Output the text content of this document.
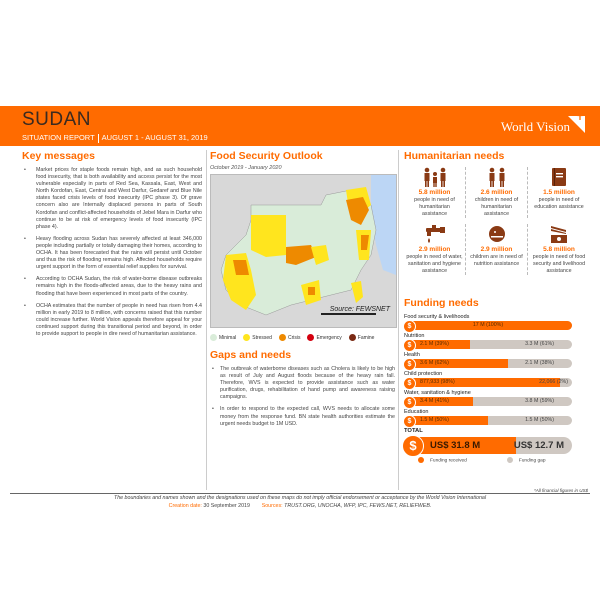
SUDAN
SITUATION REPORT AUGUST 1 - AUGUST 31, 2019
World Vision
Key messages
• Market prices for staple foods remain high, and as such household food insecurity, that is both availability and access persist for the most vulnerable especially in parts of Red Sea, Kassala, East, West and North Kordofan, East, Central and West Darfur, Gedaref and Blue Nile states faced crisis levels of food insecurity (IPC phase 3). Of grave concern also are Internally displaced persons in parts of South Kordofan and conflict-affected households of Jebel Mara in Darfur who continue to be at risk of emergency levels of food insecurity (IPC phase 4).
• Heavy flooding across Sudan has severely affected at least 346,000 people including partially or totally damaging their homes, according to OCHA. It has been forecasted that the rains will persist until October and thus the risk of flooding remains high. Affected households require urgent support in the form of essential relief supplies for survival.
• According to OCHA Sudan, the risk of water-borne disease outbreaks remains high in the floods-affected areas, due to the heavy rains and flooding that have been experienced in most parts of the country.
• OCHA estimates that the number of people in need has risen from 4.4 million in early 2019 to 8 million, with concerns raised that this number could increase further. World Vision appeals therefore appeal for your continued support during this transitional period and beyond, in order to provide support to people in dire need of humanitarian assistance.
Food Security Outlook
October 2019 - January 2020
Source: FEWSNET
Minimal	Stressed	Crisis	Emergency	Famine
Gaps and needs
• The outbreak of waterborne diseases such as Cholera is likely to be high as result of July and August floods because of the heavy rain fall. Therefore, WVS is expected to provide assistance such as water purification, drugs, rehabilitation of hand pump and awareness raising campaigns.
• In order to respond to the expected call, WVS needs to allocate some money from the response fund. BN state health authorities estimate the urgent needs budget to 1M USD.
Humanitarian needs
5.8 million
people in need of humanitarian assistance
2.6 million
children in need of humanitarian assistance
1.5 million
people in need of education assistance
2.9 million
people in need of water, sanitation and hygiene assistance
2.9 million
children are in need of nutrition assistance
5.8 million
people in need of food security and livelihood assistance
Funding needs
Food security & livelihoods
$	17 M (100%)
Nutrition
$	2.1 M (39%)	3.3 M (61%)
Health
$	3.6 M (62%)	2.1 M (38%)
Child protection
$	877,933 (98%)	22,066 (2%)
Water, sanitation & hygiene
$	3.4 M (41%)	3.8 M (59%)
Education
$	1.5 M (50%)	1.5 M (50%)
TOTAL
$	US$ 31.8 M	US$ 12.7 M
Funding received	Funding gap
*All financial figures in US$
The boundaries and names shown and the designations used on these maps do not imply official endorsement or acceptance by the World Vision International
Creation date: 30 September 2019 Sources: TRUST.ORG, UNOCHA, WFP, IPC, FEWS.NET, RELIEFWEB.
